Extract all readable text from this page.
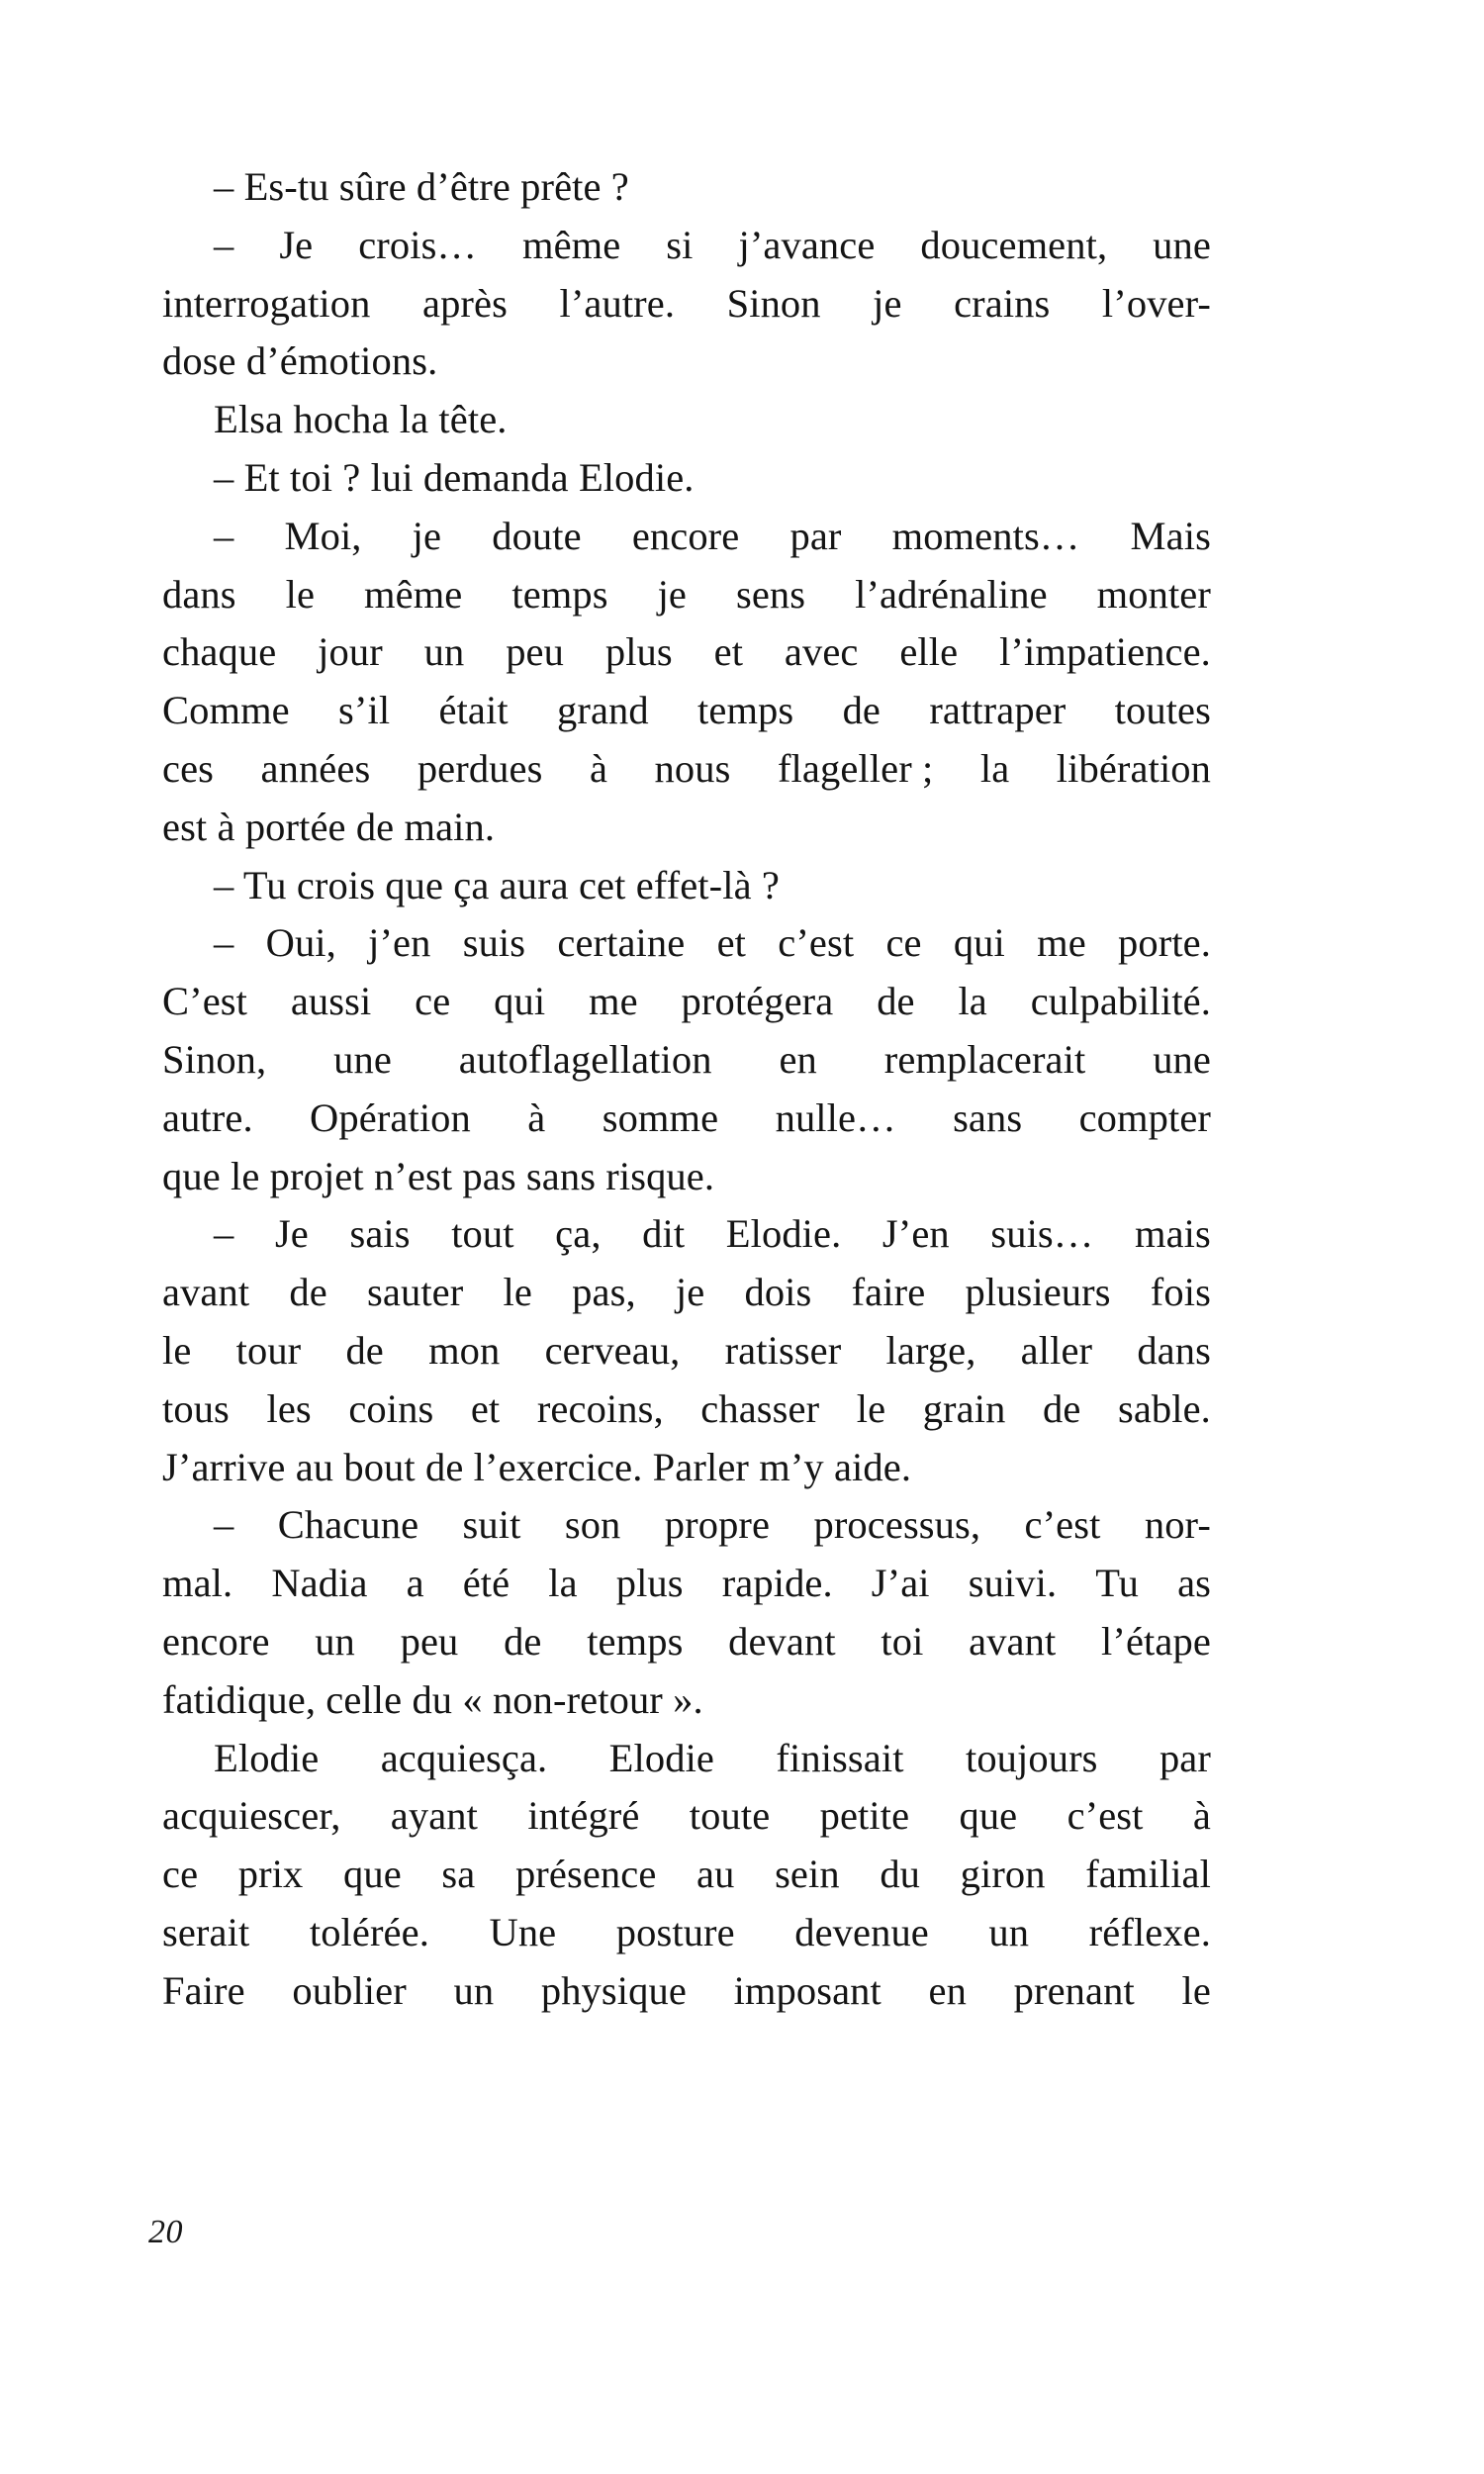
– Es-tu sûre d’être prête ?
– Je crois… même si j’avance doucement, une
interrogation après l’autre. Sinon je crains l’over-
dose d’émotions.
Elsa hocha la tête.
– Et toi ? lui demanda Elodie.
– Moi, je doute encore par moments… Mais
dans le même temps je sens l’adrénaline monter
chaque jour un peu plus et avec elle l’impatience.
Comme s’il était grand temps de rattraper toutes
ces années perdues à nous flageller ; la libération
est à portée de main.
– Tu crois que ça aura cet effet-là ?
– Oui, j’en suis certaine et c’est ce qui me porte.
C’est aussi ce qui me protégera de la culpabilité.
Sinon, une autoflagellation en remplacerait une
autre. Opération à somme nulle… sans compter
que le projet n’est pas sans risque.
– Je sais tout ça, dit Elodie. J’en suis… mais
avant de sauter le pas, je dois faire plusieurs fois
le tour de mon cerveau, ratisser large, aller dans
tous les coins et recoins, chasser le grain de sable.
J’arrive au bout de l’exercice. Parler m’y aide.
– Chacune suit son propre processus, c’est nor-
mal. Nadia a été la plus rapide. J’ai suivi. Tu as
encore un peu de temps devant toi avant l’étape
fatidique, celle du « non-retour ».
Elodie acquiesça. Elodie finissait toujours par
acquiescer, ayant intégré toute petite que c’est à
ce prix que sa présence au sein du giron familial
serait tolérée. Une posture devenue un réflexe.
Faire oublier un physique imposant en prenant le
20
